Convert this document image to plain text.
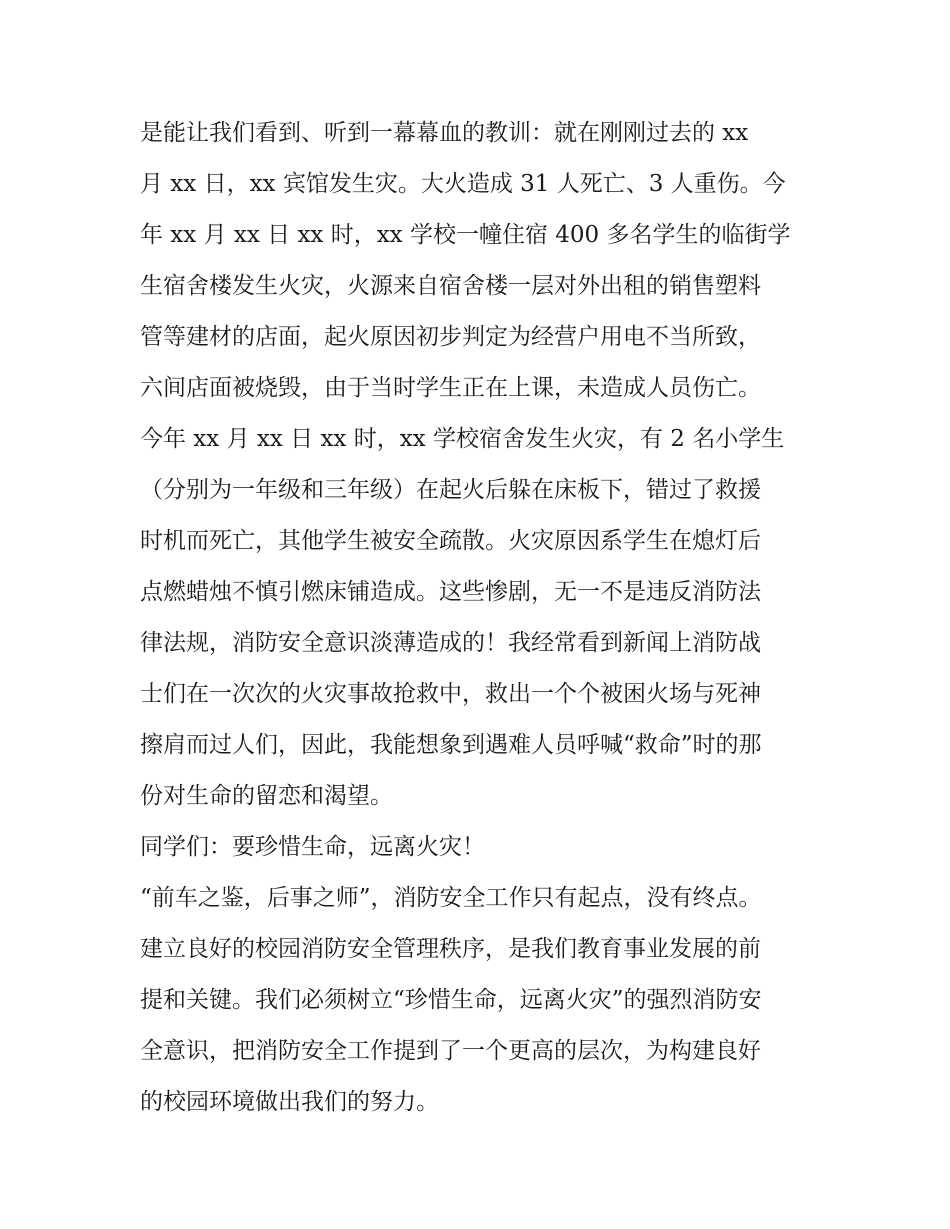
是能让我们看到、听到一幕幕血的教训：就在刚刚过去的 xx
月 xx 日，xx 宾馆发生灾。大火造成 31 人死亡、3 人重伤。今
年 xx 月 xx 日 xx 时，xx 学校一幢住宿 400 多名学生的临街学
生宿舍楼发生火灾，火源来自宿舍楼一层对外出租的销售塑料
管等建材的店面，起火原因初步判定为经营户用电不当所致，
六间店面被烧毁，由于当时学生正在上课，未造成人员伤亡。
今年 xx 月 xx 日 xx 时，xx 学校宿舍发生火灾，有 2 名小学生
（分别为一年级和三年级）在起火后躲在床板下，错过了救援
时机而死亡，其他学生被安全疏散。火灾原因系学生在熄灯后
点燃蜡烛不慎引燃床铺造成。这些惨剧，无一不是违反消防法
律法规，消防安全意识淡薄造成的！我经常看到新闻上消防战
士们在一次次的火灾事故抢救中，救出一个个被困火场与死神
擦肩而过人们，因此，我能想象到遇难人员呼喊“救命”时的那
份对生命的留恋和渴望。
同学们：要珍惜生命，远离火灾！
“前车之鉴，后事之师”，消防安全工作只有起点，没有终点。
建立良好的校园消防安全管理秩序，是我们教育事业发展的前
提和关键。我们必须树立“珍惜生命，远离火灾”的强烈消防安
全意识，把消防安全工作提到了一个更高的层次，为构建良好
的校园环境做出我们的努力。
